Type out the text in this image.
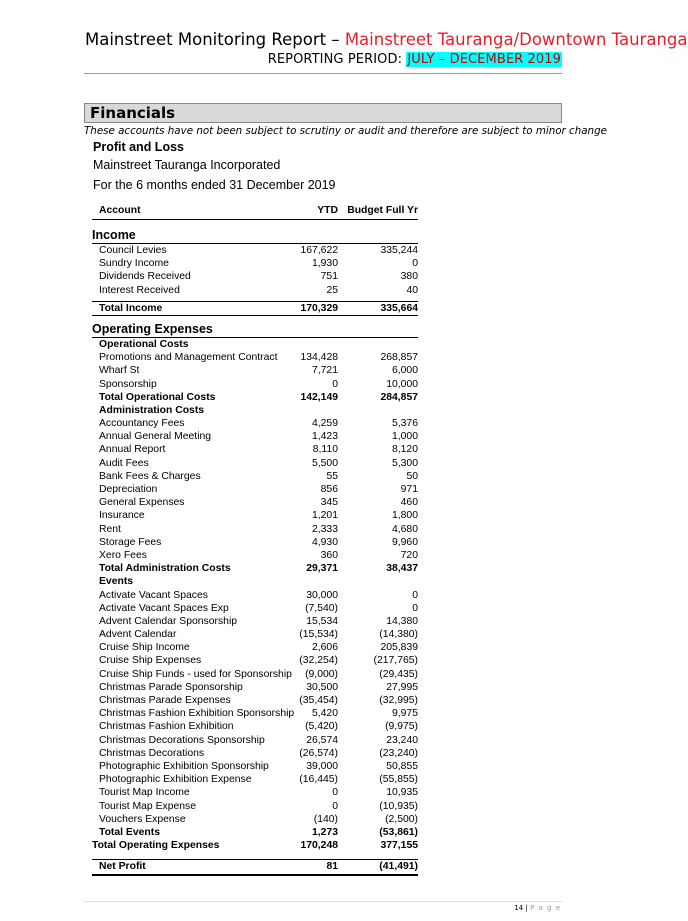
Mainstreet Monitoring Report – Mainstreet Tauranga/Downtown Tauranga
REPORTING PERIOD: JULY – DECEMBER 2019
Financials
These accounts have not been subject to scrutiny or audit and therefore are subject to minor change
Profit and Loss
Mainstreet Tauranga Incorporated
For the 6 months ended 31 December 2019
Account	YTD Budget Full Yr
Income
Council Levies	167,622	335,244
Sundry Income	1,930	0
Dividends Received	751	380
Interest Received	25	40
Total Income	170,329	335,664
Operating Expenses
Operational Costs
Promotions and Management Contract 134,428	268,857
Wharf St	7,721	6,000
Sponsorship	0	10,000
Total Operational Costs	142,149	284,857
Administration Costs
Accountancy Fees	4,259	5,376
Annual General Meeting	1,423	1,000
Annual Report	8,110	8,120
Audit Fees	5,500	5,300
Bank Fees & Charges	55	50
Depreciation	856	971
General Expenses	345	460
Insurance	1,201	1,800
Rent	2,333	4,680
Storage Fees	4,930	9,960
Xero Fees	360	720
Total Administration Costs	29,371	38,437
Events
Activate Vacant Spaces	30,000	0
Activate Vacant Spaces Exp	(7,540)	0
Advent Calendar Sponsorship	15,534	14,380
Advent Calendar	(15,534)	(14,380)
Cruise Ship Income	2,606	205,839
Cruise Ship Expenses	(32,254)	(217,765)
Cruise Ship Funds - used for Sponsorship (9,000)	(29,435)
Christmas Parade Sponsorship	30,500	27,995
Christmas Parade Expenses	(35,454)	(32,995)
Christmas Fashion Exhibition Sponsorship 5,420	9,975
Christmas Fashion Exhibition	(5,420)	(9,975)
Christmas Decorations Sponsorship	26,574	23,240
Christmas Decorations	(26,574)	(23,240)
Photographic Exhibition Sponsorship	39,000	50,855
Photographic Exhibition Expense	(16,445)	(55,855)
Tourist Map Income	0	10,935
Tourist Map Expense	0	(10,935)
Vouchers Expense	(140)	(2,500)
Total Events	1,273	(53,861)
Total Operating Expenses	170,248	377,155
Net Profit	81	(41,491)
14 | P a g e
